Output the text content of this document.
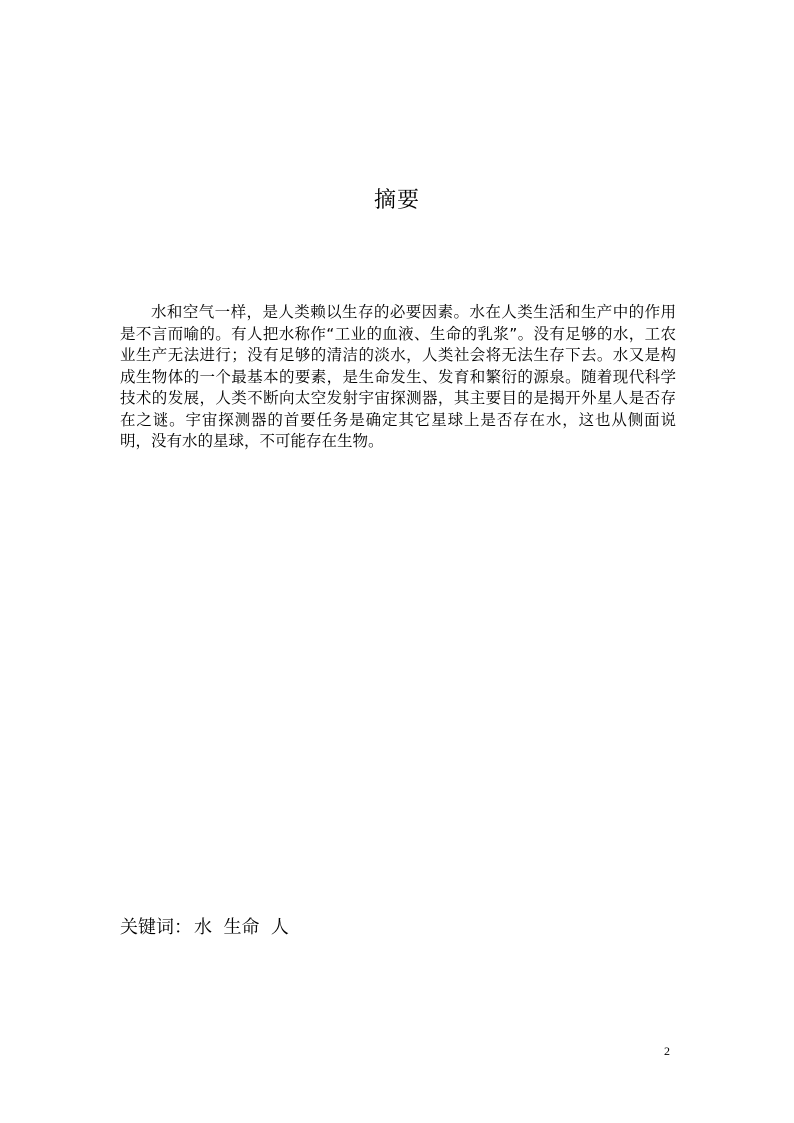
摘要

水和空气一样，是人类赖以生存的必要因素。水在人类生活和生产中的作用是不言而喻的。有人把水称作“工业的血液、生命的乳浆”。没有足够的水，工农业生产无法进行；没有足够的清洁的淡水，人类社会将无法生存下去。水又是构成生物体的一个最基本的要素，是生命发生、发育和繁衍的源泉。随着现代科学技术的发展，人类不断向太空发射宇宙探测器，其主要目的是揭开外星人是否存在之谜。宇宙探测器的首要任务是确定其它星球上是否存在水，这也从侧面说明，没有水的星球，不可能存在生物。

关键词： 水  生命  人
2
